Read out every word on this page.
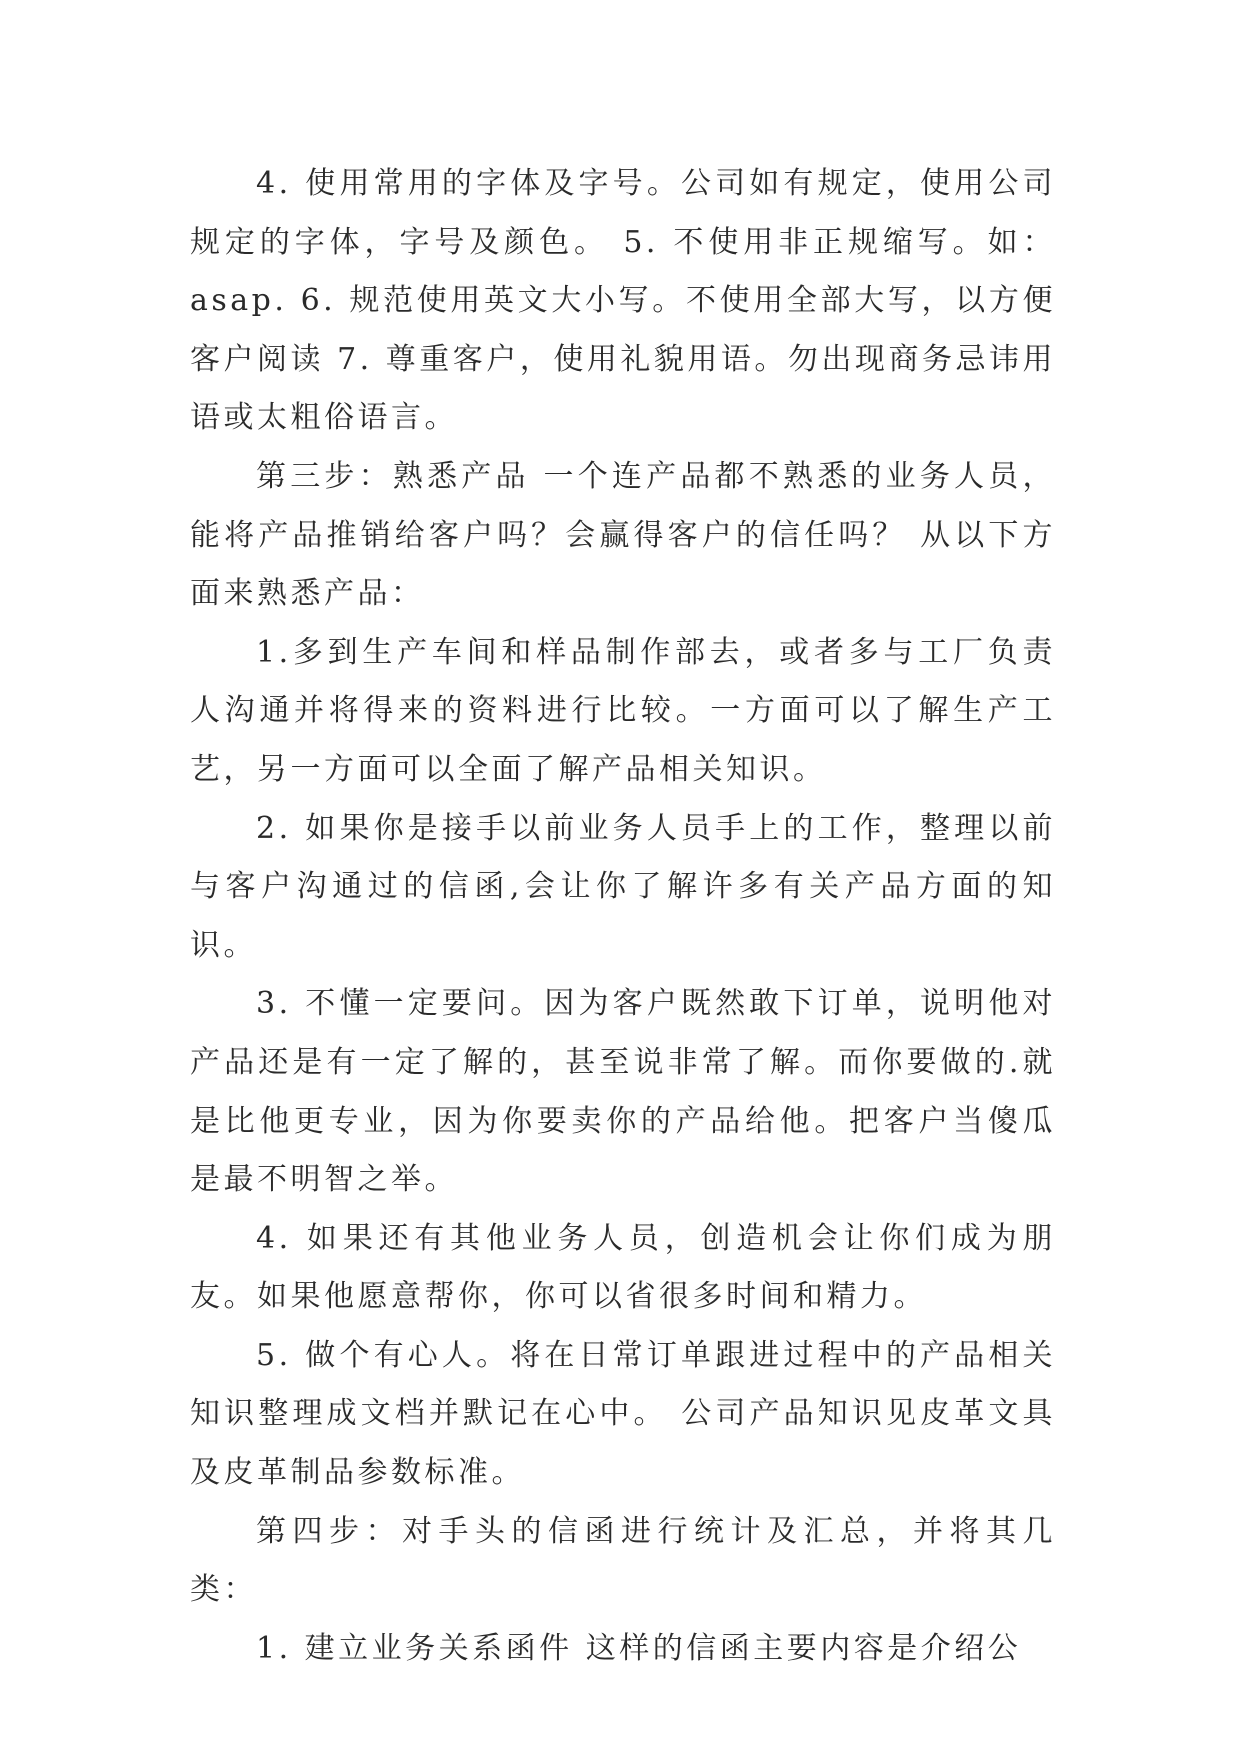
4. 使用常用的字体及字号。公司如有规定，使用公司规定的字体，字号及颜色。 5. 不使用非正规缩写。如：asap. 6. 规范使用英文大小写。不使用全部大写，以方便客户阅读 7. 尊重客户，使用礼貌用语。勿出现商务忌讳用语或太粗俗语言。

第三步：熟悉产品 一个连产品都不熟悉的业务人员，能将产品推销给客户吗？会赢得客户的信任吗？ 从以下方面来熟悉产品：

1.多到生产车间和样品制作部去，或者多与工厂负责人沟通并将得来的资料进行比较。一方面可以了解生产工艺，另一方面可以全面了解产品相关知识。

2. 如果你是接手以前业务人员手上的工作，整理以前与客户沟通过的信函,会让你了解许多有关产品方面的知识。

3. 不懂一定要问。因为客户既然敢下订单，说明他对产品还是有一定了解的，甚至说非常了解。而你要做的.就是比他更专业，因为你要卖你的产品给他。把客户当傻瓜是最不明智之举。

4. 如果还有其他业务人员，创造机会让你们成为朋友。如果他愿意帮你，你可以省很多时间和精力。

5. 做个有心人。将在日常订单跟进过程中的产品相关知识整理成文档并默记在心中。 公司产品知识见皮革文具及皮革制品参数标准。

第四步：对手头的信函进行统计及汇总，并将其几类：

1. 建立业务关系函件 这样的信函主要内容是介绍公
